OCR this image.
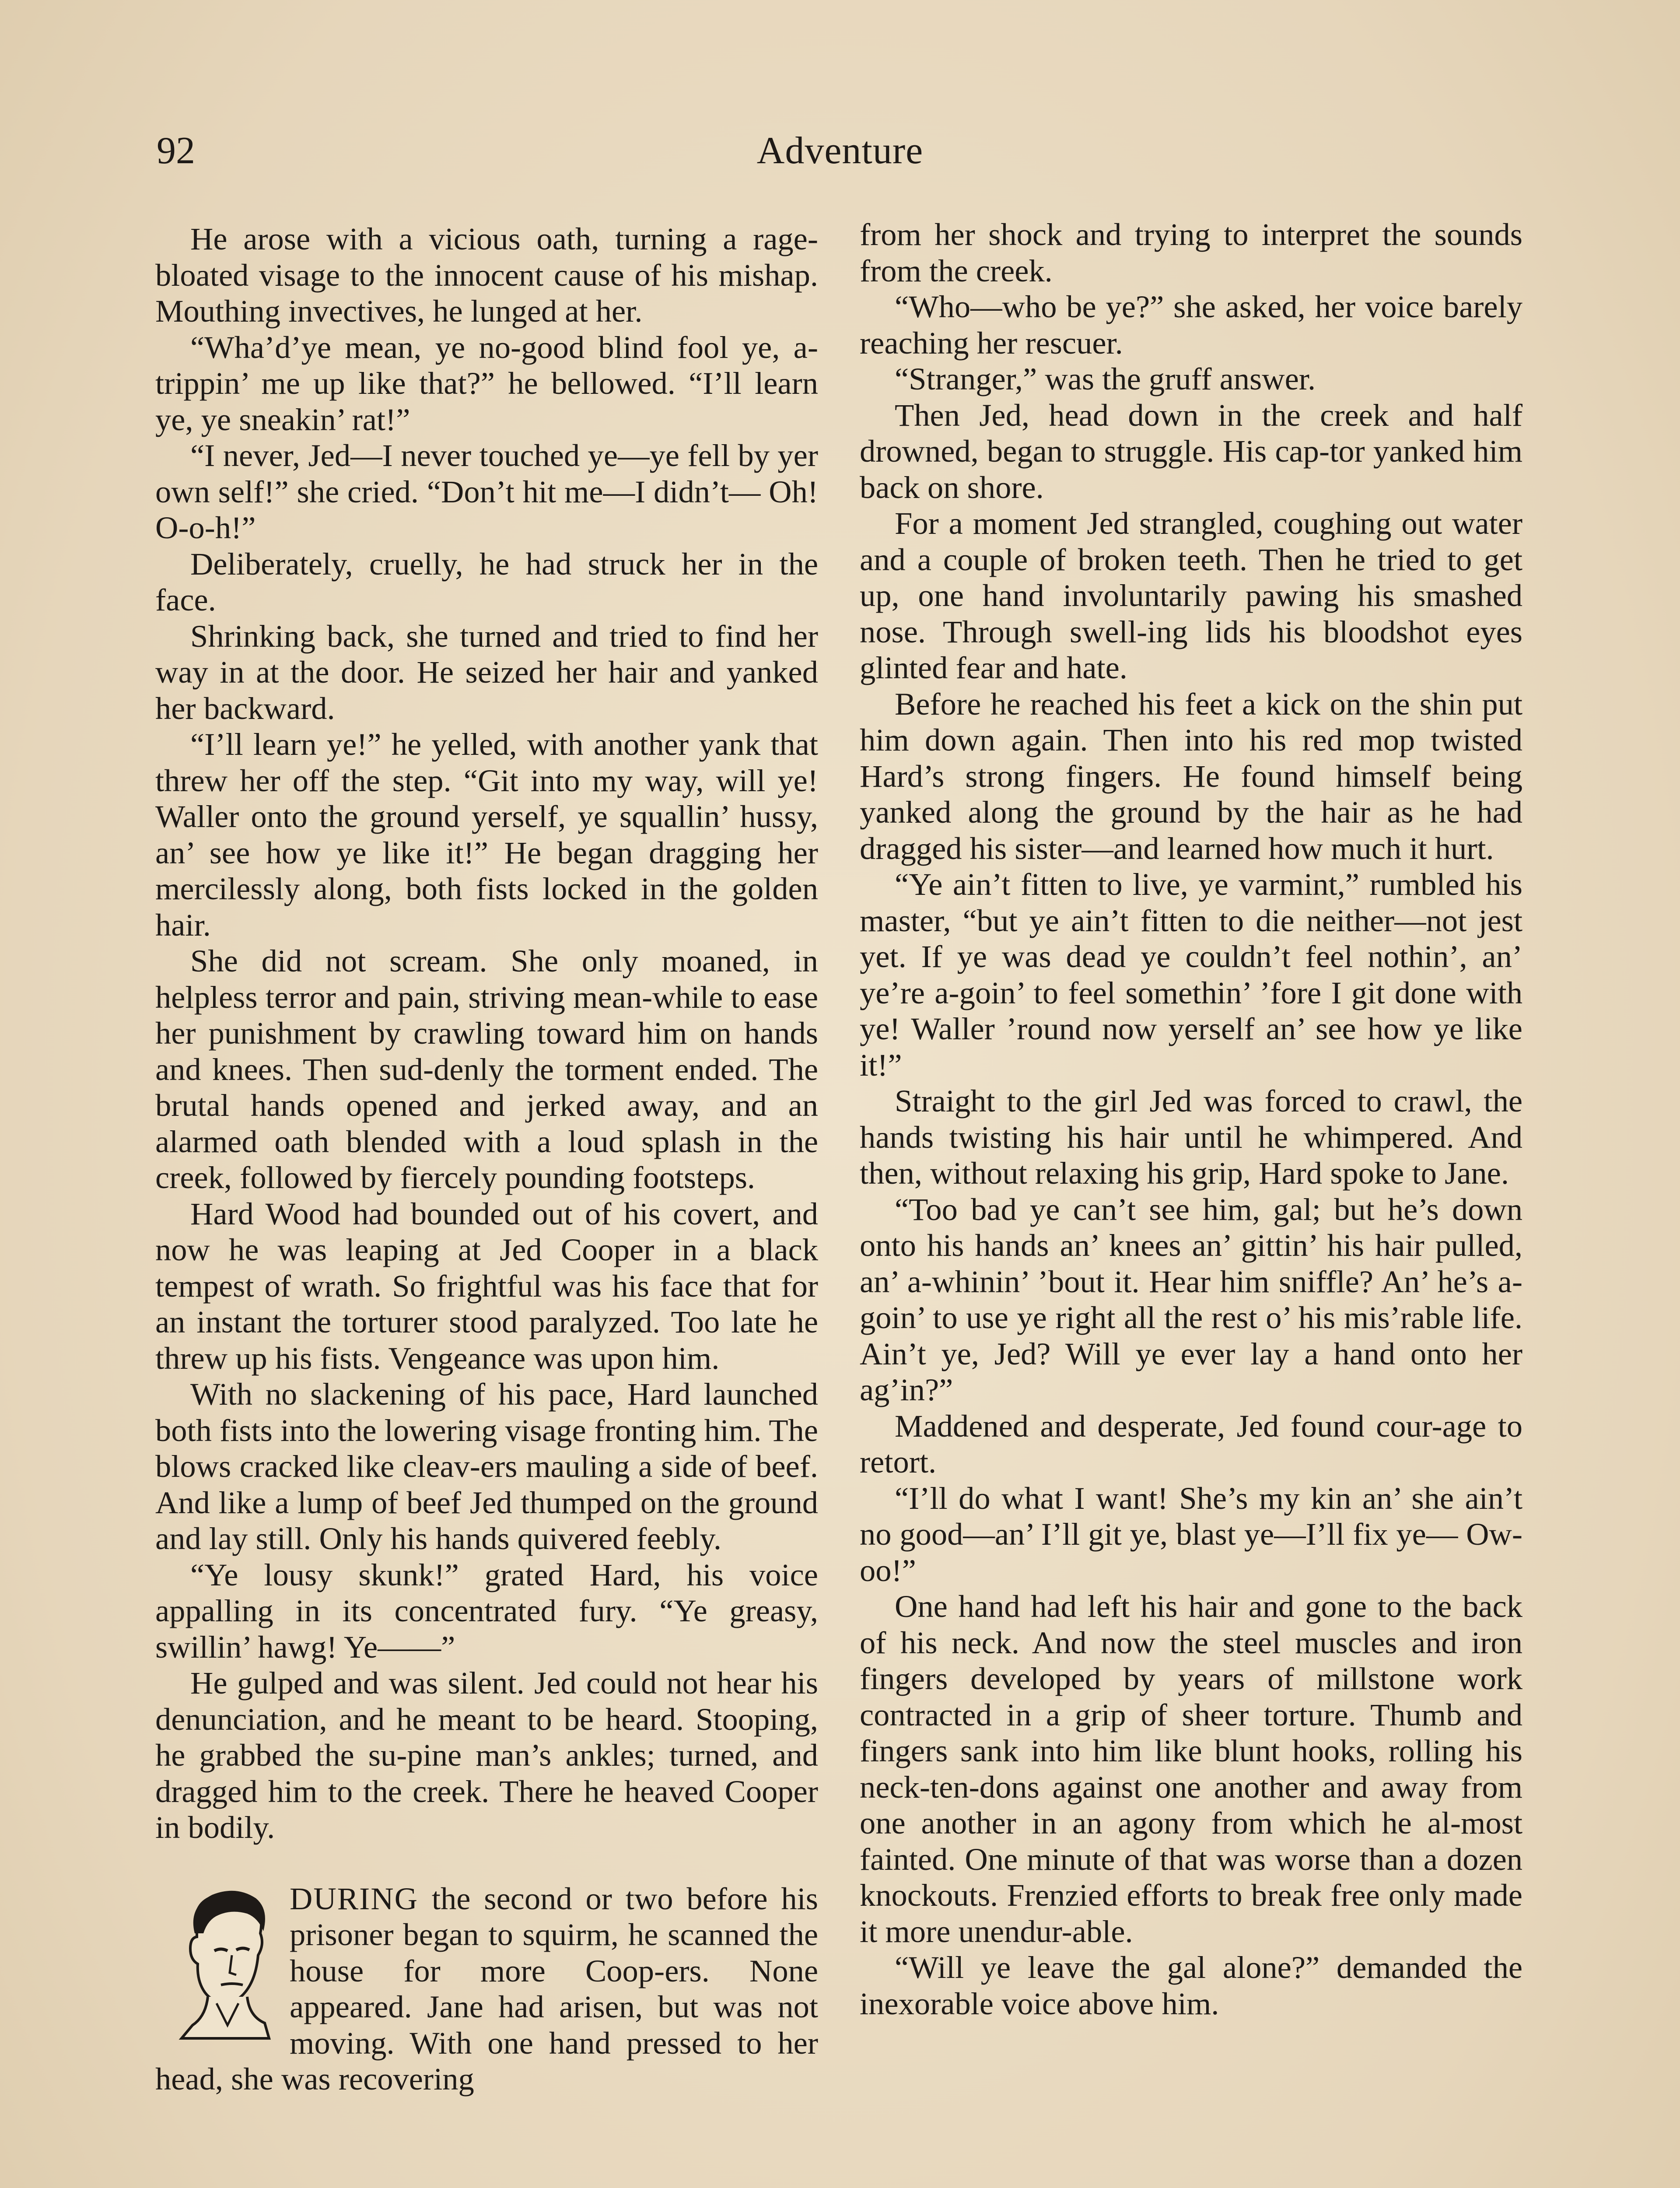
92	Adventure

He arose with a vicious oath, turning a rage-bloated visage to the innocent cause of his mishap. Mouthing invectives, he lunged at her.

“Wha’d’ye mean, ye no-good blind fool ye, a-trippin’ me up like that?” he bellowed. “I’ll learn ye, ye sneakin’ rat!”

“I never, Jed—I never touched ye—ye fell by yer own self!” she cried. “Don’t hit me—I didn’t— Oh! O-o-h!”

Deliberately, cruelly, he had struck her in the face.

Shrinking back, she turned and tried to find her way in at the door. He seized her hair and yanked her backward.

“I’ll learn ye!” he yelled, with another yank that threw her off the step. “Git into my way, will ye! Waller onto the ground yerself, ye squallin’ hussy, an’ see how ye like it!” He began dragging her mercilessly along, both fists locked in the golden hair.

She did not scream. She only moaned, in helpless terror and pain, striving mean-while to ease her punishment by crawling toward him on hands and knees. Then sud-denly the torment ended. The brutal hands opened and jerked away, and an alarmed oath blended with a loud splash in the creek, followed by fiercely pounding footsteps.

Hard Wood had bounded out of his covert, and now he was leaping at Jed Cooper in a black tempest of wrath. So frightful was his face that for an instant the torturer stood paralyzed. Too late he threw up his fists. Vengeance was upon him.

With no slackening of his pace, Hard launched both fists into the lowering visage fronting him. The blows cracked like cleav-ers mauling a side of beef. And like a lump of beef Jed thumped on the ground and lay still. Only his hands quivered feebly.

“Ye lousy skunk!” grated Hard, his voice appalling in its concentrated fury. “Ye greasy, swillin’ hawg! Ye——”

He gulped and was silent. Jed could not hear his denunciation, and he meant to be heard. Stooping, he grabbed the su-pine man’s ankles; turned, and dragged him to the creek. There he heaved Cooper in bodily.

DURING the second or two before his prisoner began to squirm, he scanned the house for more Coop-ers. None appeared. Jane had arisen, but was not moving. With one hand pressed to her head, she was recovering

from her shock and trying to interpret the sounds from the creek.

“Who—who be ye?” she asked, her voice barely reaching her rescuer.

“Stranger,” was the gruff answer.

Then Jed, head down in the creek and half drowned, began to struggle. His cap-tor yanked him back on shore.

For a moment Jed strangled, coughing out water and a couple of broken teeth. Then he tried to get up, one hand involuntarily pawing his smashed nose. Through swell-ing lids his bloodshot eyes glinted fear and hate.

Before he reached his feet a kick on the shin put him down again. Then into his red mop twisted Hard’s strong fingers. He found himself being yanked along the ground by the hair as he had dragged his sister—and learned how much it hurt.

“Ye ain’t fitten to live, ye varmint,” rumbled his master, “but ye ain’t fitten to die neither—not jest yet. If ye was dead ye couldn’t feel nothin’, an’ ye’re a-goin’ to feel somethin’ ’fore I git done with ye! Waller ’round now yerself an’ see how ye like it!”

Straight to the girl Jed was forced to crawl, the hands twisting his hair until he whimpered. And then, without relaxing his grip, Hard spoke to Jane.

“Too bad ye can’t see him, gal; but he’s down onto his hands an’ knees an’ gittin’ his hair pulled, an’ a-whinin’ ’bout it. Hear him sniffle? An’ he’s a-goin’ to use ye right all the rest o’ his mis’rable life. Ain’t ye, Jed? Will ye ever lay a hand onto her ag’in?”

Maddened and desperate, Jed found cour-age to retort.

“I’ll do what I want! She’s my kin an’ she ain’t no good—an’ I’ll git ye, blast ye—I’ll fix ye— Ow-oo!”

One hand had left his hair and gone to the back of his neck. And now the steel muscles and iron fingers developed by years of millstone work contracted in a grip of sheer torture. Thumb and fingers sank into him like blunt hooks, rolling his neck-ten-dons against one another and away from one another in an agony from which he al-most fainted. One minute of that was worse than a dozen knockouts. Frenzied efforts to break free only made it more unendur-able.

“Will ye leave the gal alone?” demanded the inexorable voice above him.
